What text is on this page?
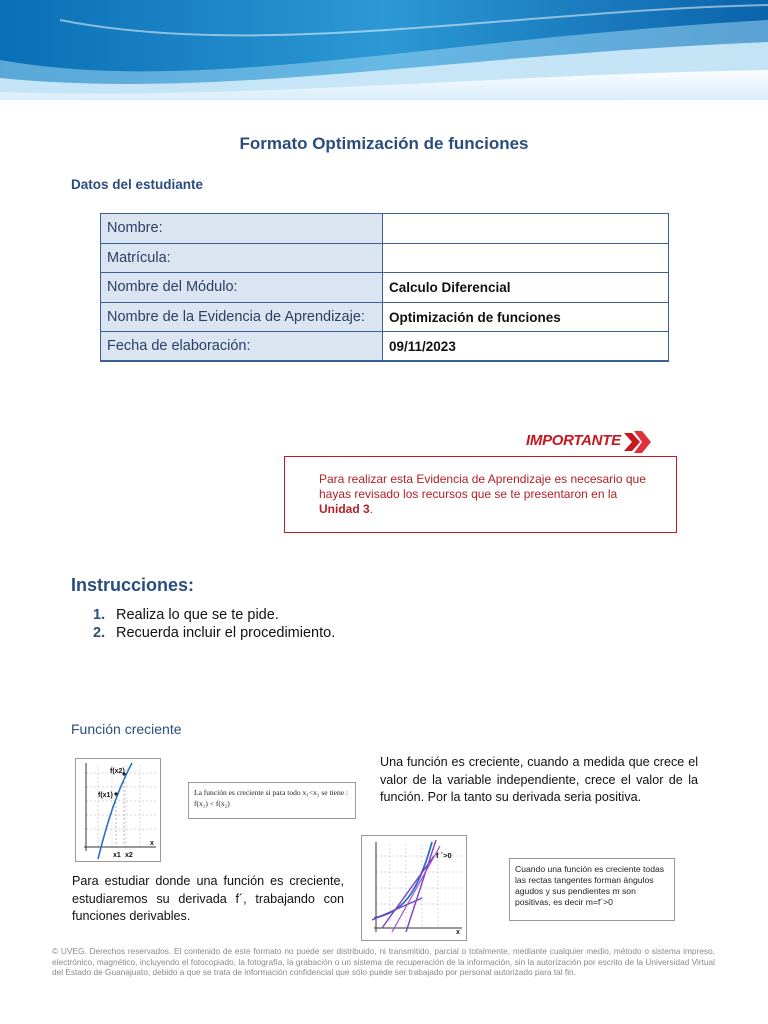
Formato Optimización de funciones
Datos del estudiante
Nombre:	
Matrícula:	
Nombre del Módulo:	Calculo Diferencial
Nombre de la Evidencia de Aprendizaje:	Optimización de funciones
Fecha de elaboración:	09/11/2023
IMPORTANTE
Para realizar esta Evidencia de Aprendizaje es necesario que hayas revisado los recursos que se te presentaron en la Unidad 3.
Instrucciones:
1. Realiza lo que se te pide.
2. Recuerda incluir el procedimiento.
Función creciente
f(x2)
f(x1)
x1 x2
x
La función es creciente si para todo x₁<x₂ se tiene :
f(x₁) < f(x₂)
Una función es creciente, cuando a medida que crece el valor de la variable independiente, crece el valor de la función. Por la tanto su derivada seria positiva.
f ´>0
x
Cuando una función es creciente todas las rectas tangentes forman ángulos agudos y sus pendientes m son positivas, es decir m=f´>0
Para estudiar donde una función es creciente, estudiaremos su derivada f´, trabajando con funciones derivables.
© UVEG. Derechos reservados. El contenido de este formato no puede ser distribuido, ni transmitido, parcial o totalmente, mediante cualquier medio, método o sistema impreso, electrónico, magnético, incluyendo el fotocopiado, la fotografía, la grabación o un sistema de recuperación de la información, sin la autorización por escrito de la Universidad Virtual del Estado de Guanajuato, debido a que se trata de información confidencial que sólo puede ser trabajado por personal autorizado para tal fin.
